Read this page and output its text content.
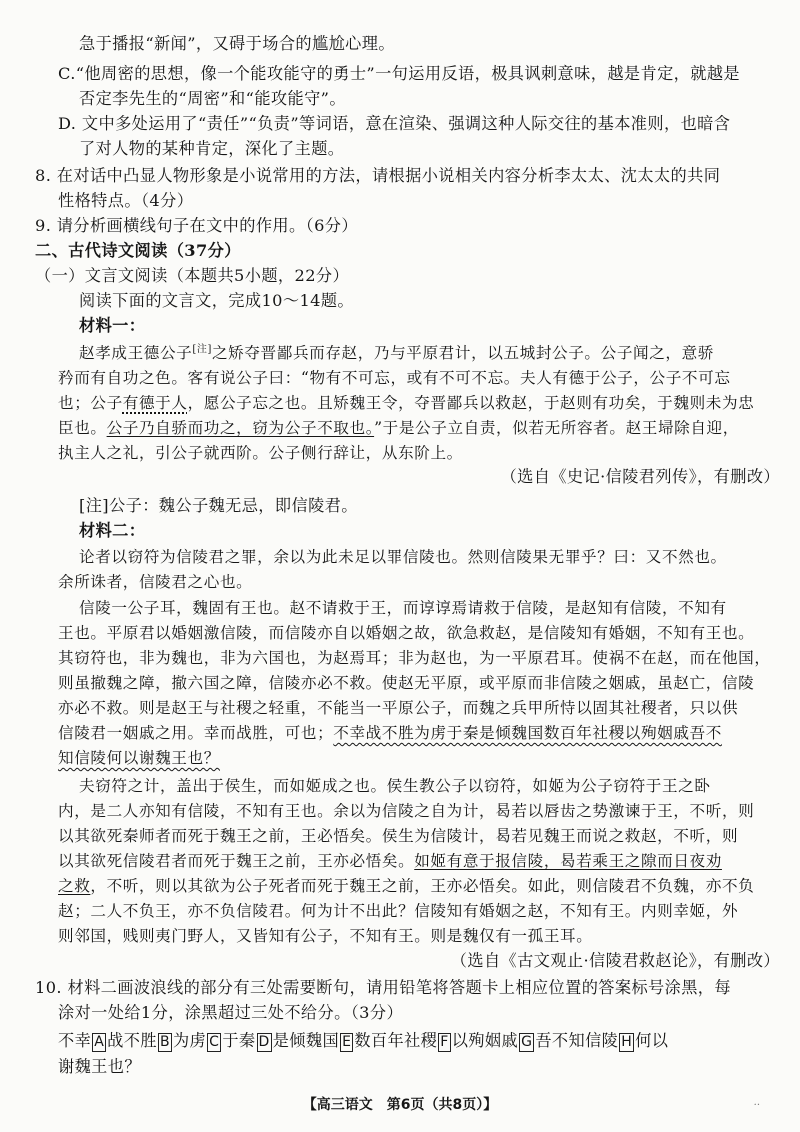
急于播报“新闻”，又碍于场合的尴尬心理。
C.“他周密的思想，像一个能攻能守的勇士”一句运用反语，极具讽刺意味，越是肯定，就越是
否定李先生的“周密”和“能攻能守”。
D. 文中多处运用了“责任”“负责”等词语，意在渲染、强调这种人际交往的基本准则，也暗含
了对人物的某种肯定，深化了主题。
8. 在对话中凸显人物形象是小说常用的方法，请根据小说相关内容分析李太太、沈太太的共同
性格特点。（4分）
9. 请分析画横线句子在文中的作用。（6分）
二、古代诗文阅读（37分）
（一）文言文阅读（本题共5小题，22分）
阅读下面的文言文，完成10～14题。
材料一：
赵孝成王德公子[注]之矫夺晋鄙兵而存赵，乃与平原君计，以五城封公子。公子闻之，意骄
矜而有自功之色。客有说公子曰：“物有不可忘，或有不可不忘。夫人有德于公子，公子不可忘
也；公子有德于人，愿公子忘之也。且矫魏王令，夺晋鄙兵以救赵，于赵则有功矣，于魏则未为忠
臣也。公子乃自骄而功之，窃为公子不取也。”于是公子立自责，似若无所容者。赵王埽除自迎，
执主人之礼，引公子就西阶。公子侧行辞让，从东阶上。
（选自《史记·信陵君列传》，有删改）
[注]公子：魏公子魏无忌，即信陵君。
材料二：
论者以窃符为信陵君之罪，余以为此未足以罪信陵也。然则信陵果无罪乎？曰：又不然也。
余所诛者，信陵君之心也。
信陵一公子耳，魏固有王也。赵不请救于王，而谆谆焉请救于信陵，是赵知有信陵，不知有
王也。平原君以婚姻激信陵，而信陵亦自以婚姻之故，欲急救赵，是信陵知有婚姻，不知有王也。
其窃符也，非为魏也，非为六国也，为赵焉耳；非为赵也，为一平原君耳。使祸不在赵，而在他国，
则虽撤魏之障，撤六国之障，信陵亦必不救。使赵无平原，或平原而非信陵之姻戚，虽赵亡，信陵
亦必不救。则是赵王与社稷之轻重，不能当一平原公子，而魏之兵甲所恃以固其社稷者，只以供
信陵君一姻戚之用。幸而战胜，可也；不幸战不胜为虏于秦是倾魏国数百年社稷以殉姻戚吾不
知信陵何以谢魏王也？
夫窃符之计，盖出于侯生，而如姬成之也。侯生教公子以窃符，如姬为公子窃符于王之卧
内，是二人亦知有信陵，不知有王也。余以为信陵之自为计，曷若以唇齿之势激谏于王，不听，则
以其欲死秦师者而死于魏王之前，王必悟矣。侯生为信陵计，曷若见魏王而说之救赵，不听，则
以其欲死信陵君者而死于魏王之前，王亦必悟矣。如姬有意于报信陵，曷若乘王之隙而日夜劝
之救，不听，则以其欲为公子死者而死于魏王之前，王亦必悟矣。如此，则信陵君不负魏，亦不负
赵；二人不负王，亦不负信陵君。何为计不出此？信陵知有婚姻之赵，不知有王。内则幸姬，外
则邻国，贱则夷门野人，又皆知有公子，不知有王。则是魏仅有一孤王耳。
（选自《古文观止·信陵君救赵论》，有删改）
10. 材料二画波浪线的部分有三处需要断句，请用铅笔将答题卡上相应位置的答案标号涂黑，每
涂对一处给1分，涂黑超过三处不给分。（3分）
不幸 A 战不胜 B 为虏 C 于秦 D 是倾魏国 E 数百年社稷 F 以殉姻戚 G 吾不知信陵 H 何以
谢魏王也？
【高三语文　第6页（共8页）】	··
